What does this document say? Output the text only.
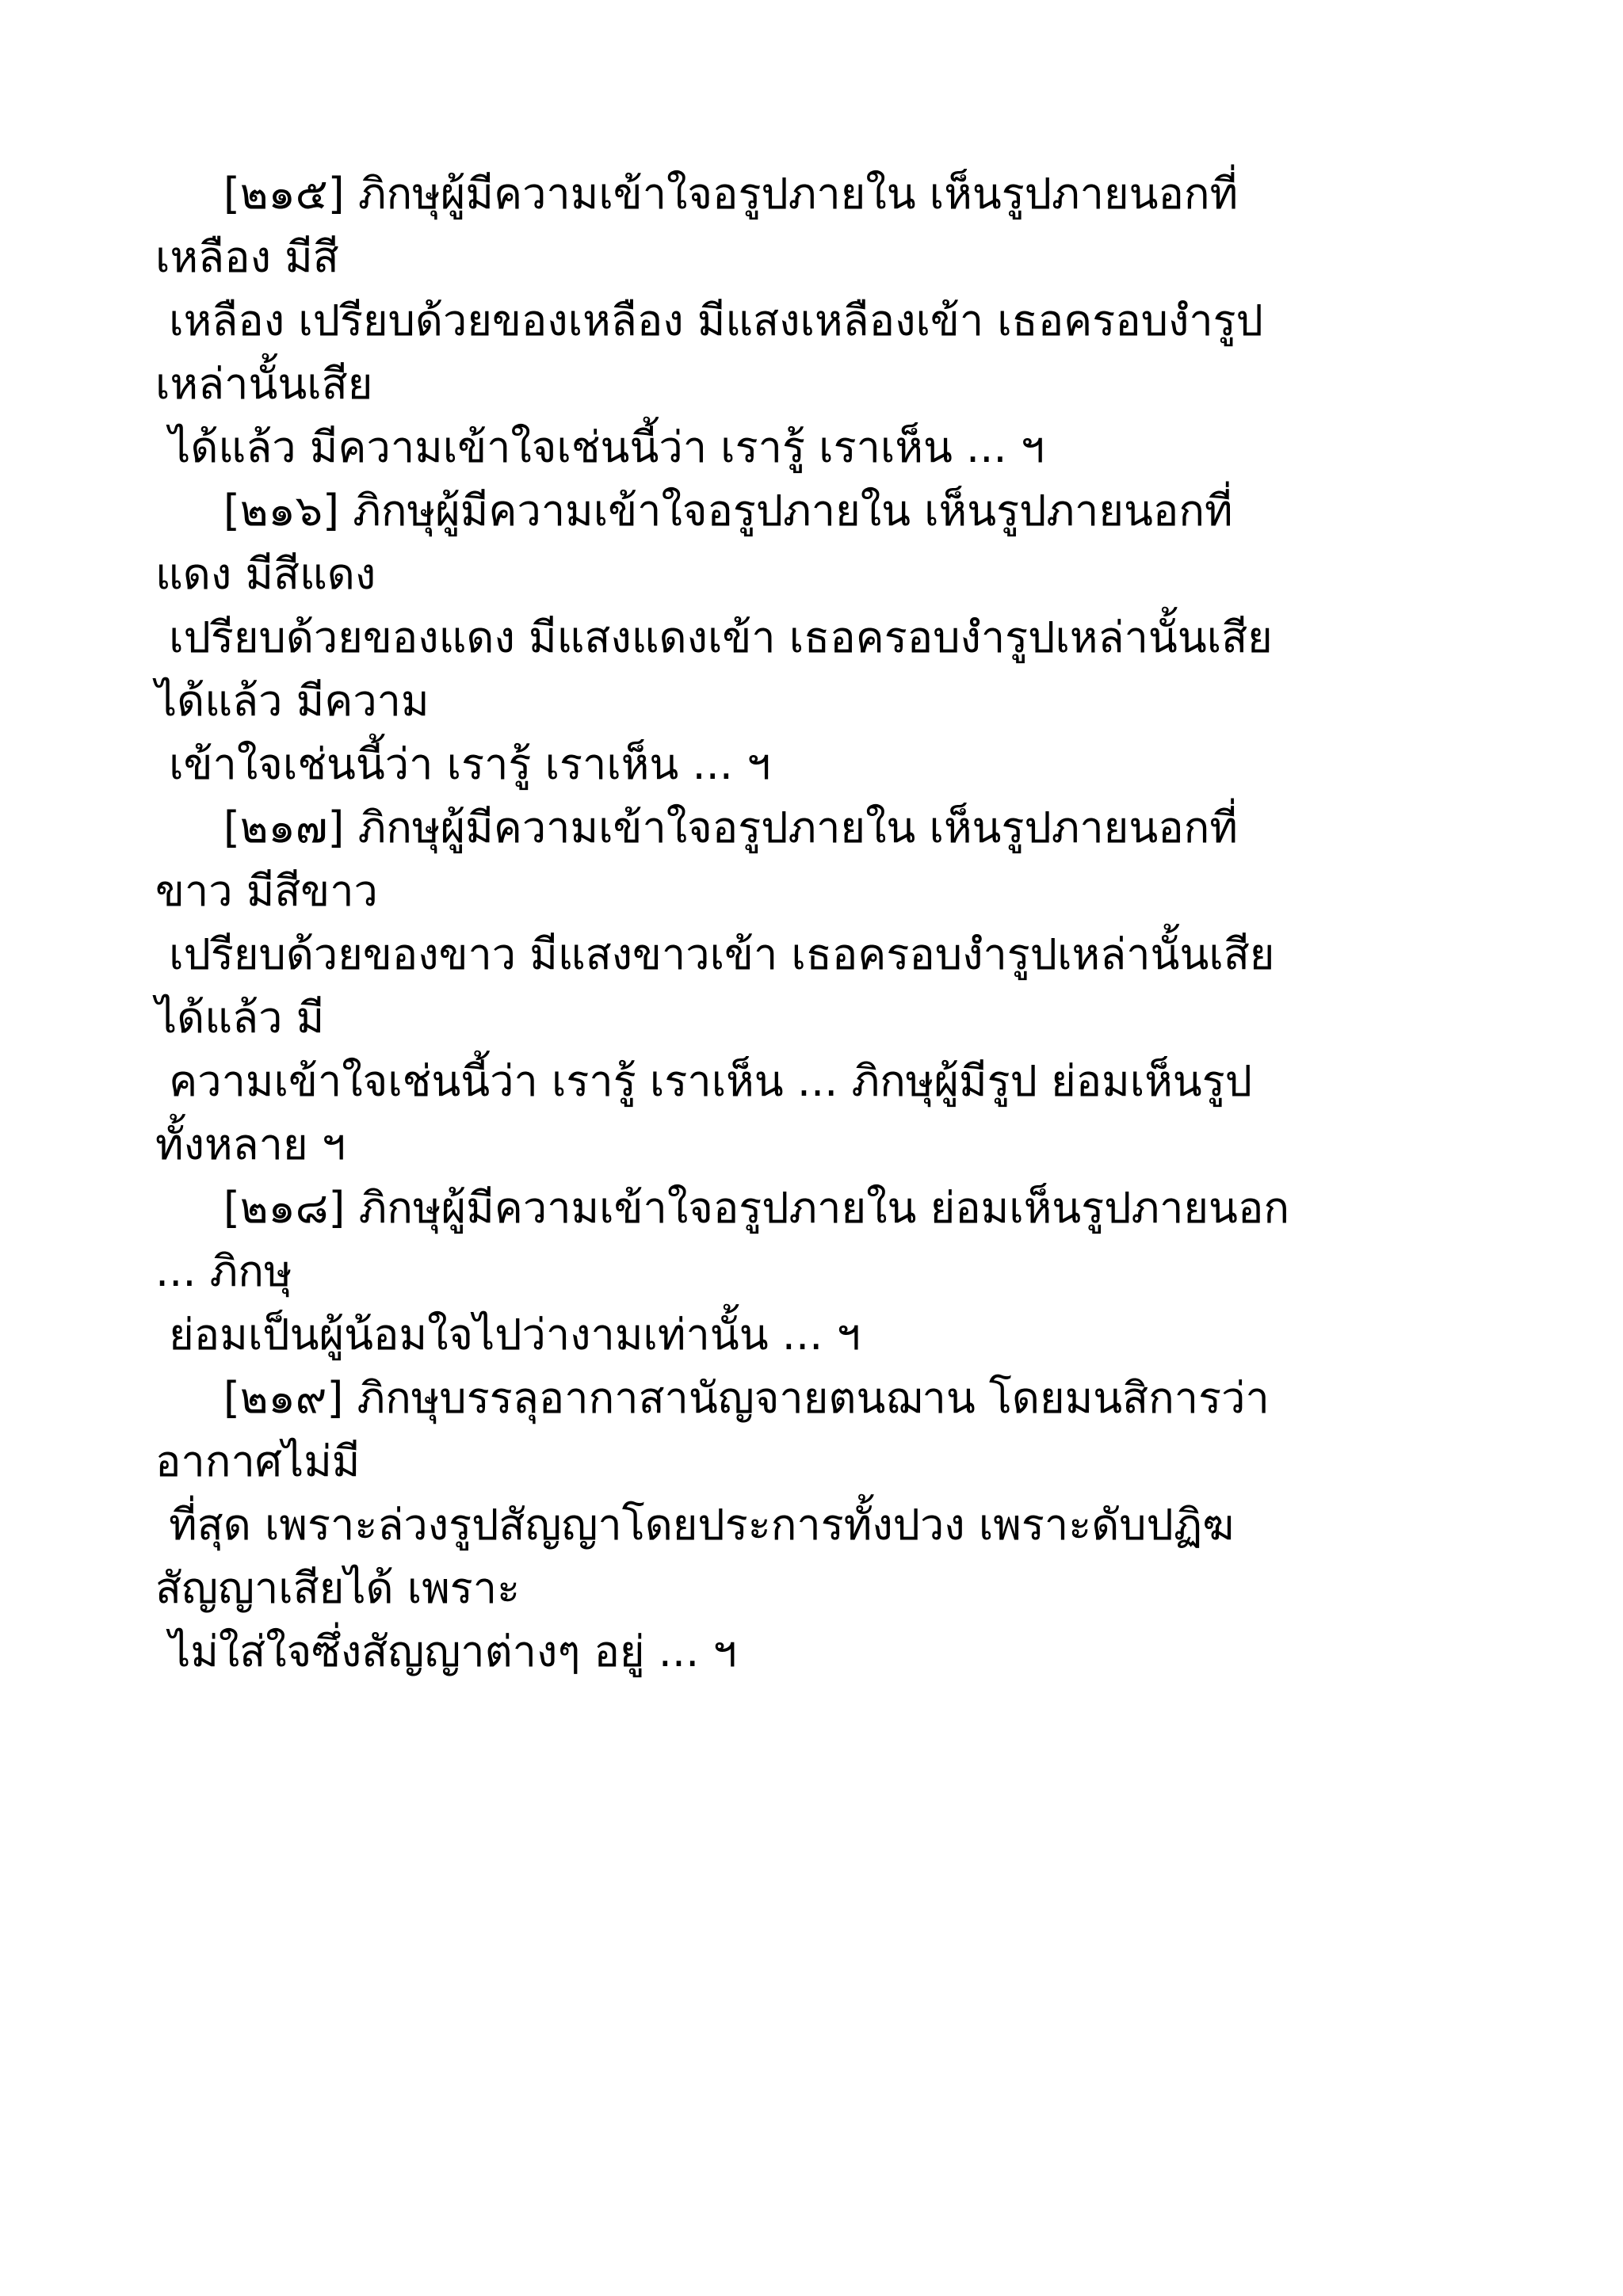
[๒๑๕] ภิกษุผู้มีความเข้าใจอรูปภายใน เห็นรูปภายนอกที่
เหลือง มีสี
เหลือง เปรียบด้วยของเหลือง มีแสงเหลืองเข้า เธอครอบงำรูป
เหล่านั้นเสีย
ได้แล้ว มีความเข้าใจเช่นนี้ว่า เรารู้ เราเห็น ... ฯ
[๒๑๖] ภิกษุผู้มีความเข้าใจอรูปภายใน เห็นรูปภายนอกที่
แดง มีสีแดง
เปรียบด้วยของแดง มีแสงแดงเข้า เธอครอบงำรูปเหล่านั้นเสีย
ได้แล้ว มีความ
เข้าใจเช่นนี้ว่า เรารู้ เราเห็น ... ฯ
[๒๑๗] ภิกษุผู้มีความเข้าใจอรูปภายใน เห็นรูปภายนอกที่
ขาว มีสีขาว
เปรียบด้วยของขาว มีแสงขาวเข้า เธอครอบงำรูปเหล่านั้นเสีย
ได้แล้ว มี
ความเข้าใจเช่นนี้ว่า เรารู้ เราเห็น ... ภิกษุผู้มีรูป ย่อมเห็นรูป
ทั้งหลาย ฯ
[๒๑๘] ภิกษุผู้มีความเข้าใจอรูปภายใน ย่อมเห็นรูปภายนอก
... ภิกษุ
ย่อมเป็นผู้น้อมใจไปว่างามเท่านั้น ... ฯ
[๒๑๙] ภิกษุบรรลุอากาสานัญจายตนฌาน โดยมนสิการว่า
อากาศไม่มี
ที่สุด เพราะล่วงรูปสัญญาโดยประการทั้งปวง เพราะดับปฏิฆ
สัญญาเสียได้ เพราะ
ไม่ใส่ใจซึ่งสัญญาต่างๆ อยู่ ... ฯ
